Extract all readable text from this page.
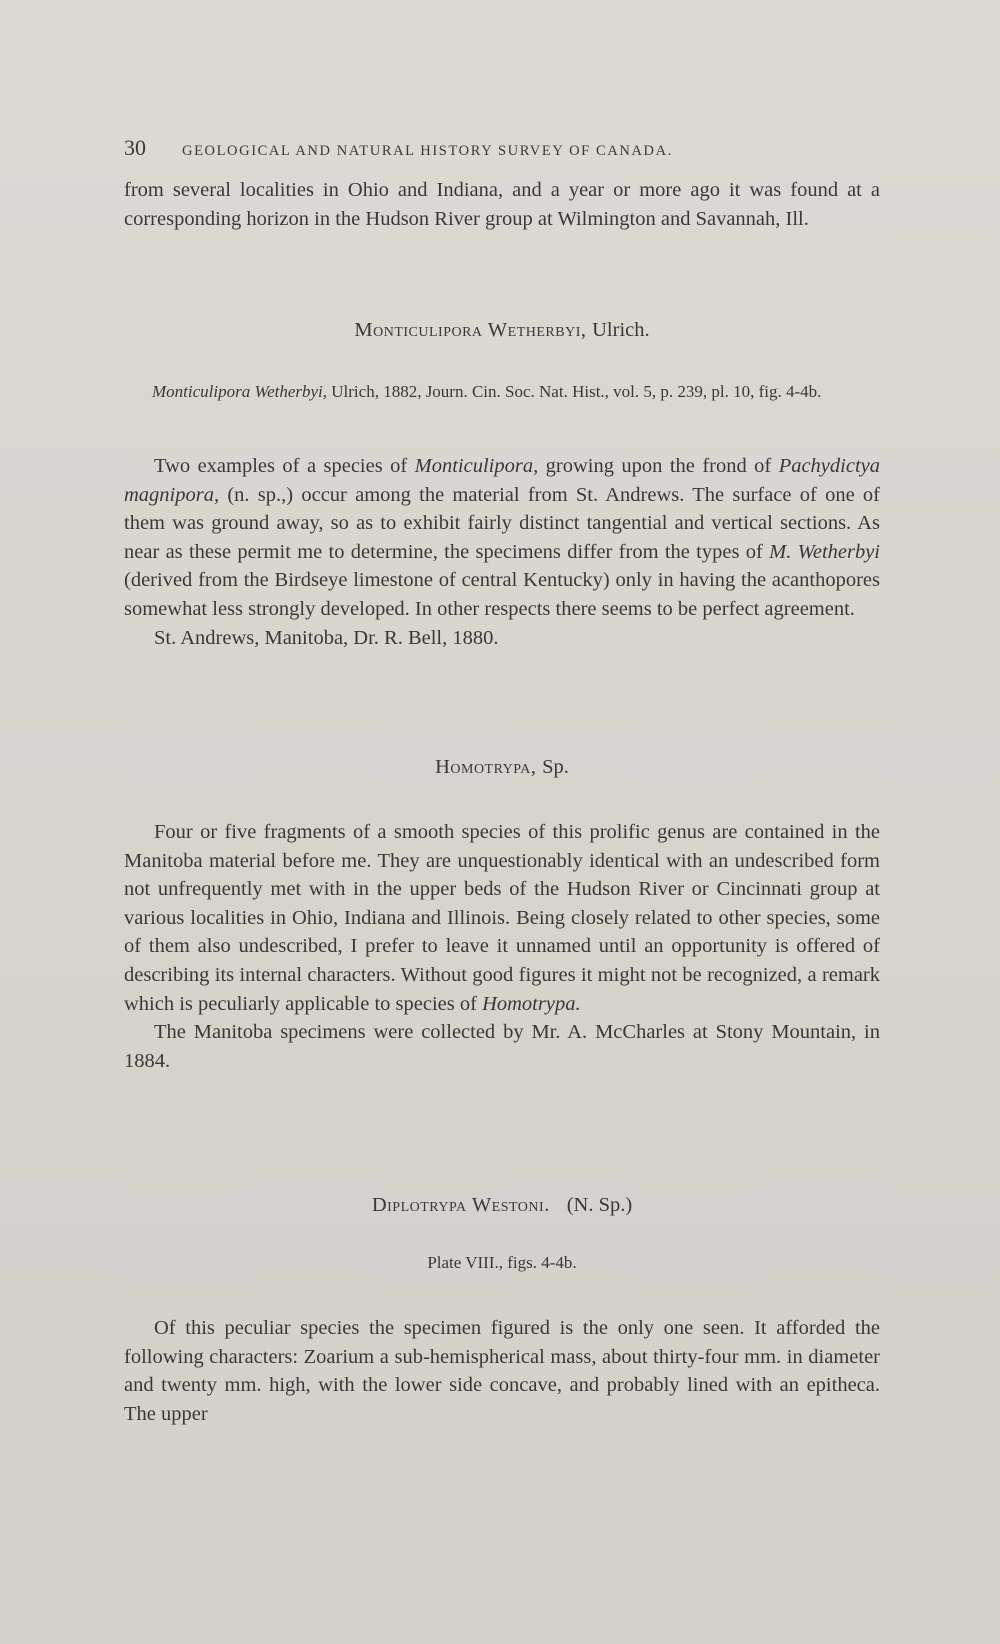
30 GEOLOGICAL AND NATURAL HISTORY SURVEY OF CANADA.

from several localities in Ohio and Indiana, and a year or more ago it was found at a corresponding horizon in the Hudson River group at Wilmington and Savannah, Ill.

Monticulipora Wetherbyi, Ulrich.

Monticulipora Wetherbyi, Ulrich, 1882, Journ. Cin. Soc. Nat. Hist., vol. 5, p. 239, pl. 10, fig. 4-4b.

Two examples of a species of Monticulipora, growing upon the frond of Pachydictya magnipora, (n. sp.,) occur among the material from St. Andrews. The surface of one of them was ground away, so as to exhibit fairly distinct tangential and vertical sections. As near as these permit me to determine, the specimens differ from the types of M. Wetherbyi (derived from the Birdseye limestone of central Kentucky) only in having the acanthopores somewhat less strongly developed. In other respects there seems to be perfect agreement.

St. Andrews, Manitoba, Dr. R. Bell, 1880.

Homotrypa, Sp.

Four or five fragments of a smooth species of this prolific genus are contained in the Manitoba material before me. They are unquestionably identical with an undescribed form not unfrequently met with in the upper beds of the Hudson River or Cincinnati group at various localities in Ohio, Indiana and Illinois. Being closely related to other species, some of them also undescribed, I prefer to leave it unnamed until an opportunity is offered of describing its internal characters. Without good figures it might not be recognized, a remark which is peculiarly applicable to species of Homotrypa.

The Manitoba specimens were collected by Mr. A. McCharles at Stony Mountain, in 1884.

Diplotrypa Westoni. (N. Sp.)

Plate VIII., figs. 4-4b.

Of this peculiar species the specimen figured is the only one seen. It afforded the following characters: Zoarium a sub-hemispherical mass, about thirty-four mm. in diameter and twenty mm. high, with the lower side concave, and probably lined with an epitheca. The upper
